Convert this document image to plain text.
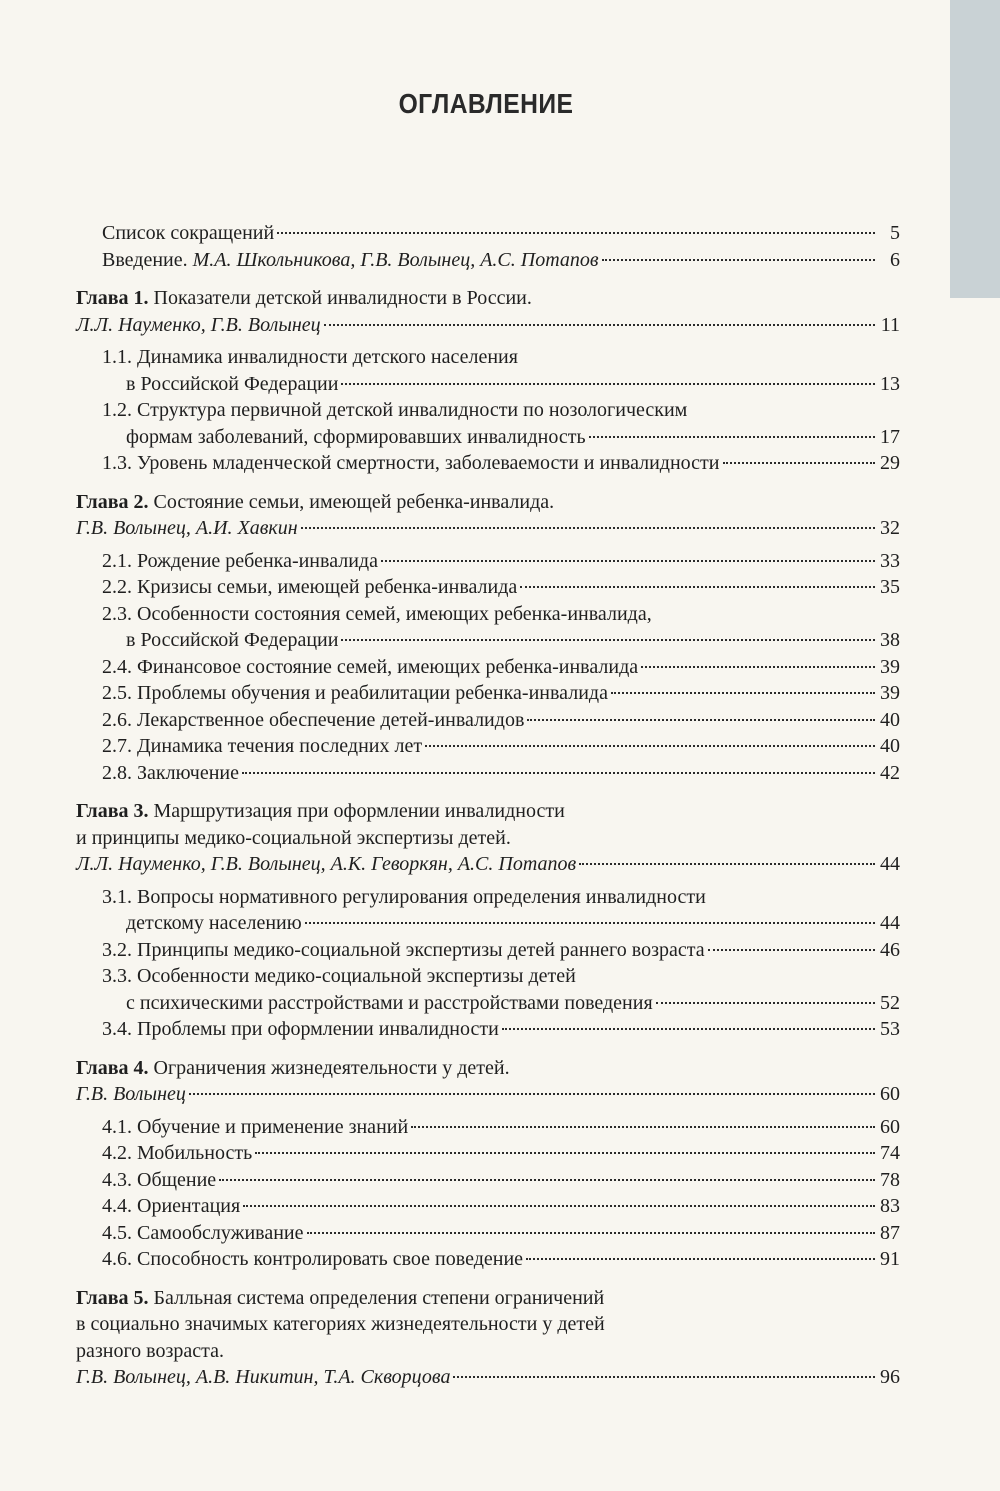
ОГЛАВЛЕНИЕ
Список сокращений	5
Введение. М.А. Школьникова, Г.В. Волынец, А.С. Потапов	6
Глава 1. Показатели детской инвалидности в России.
Л.Л. Науменко, Г.В. Волынец	11
1.1. Динамика инвалидности детского населения
в Российской Федерации	13
1.2. Структура первичной детской инвалидности по нозологическим
формам заболеваний, сформировавших инвалидность	17
1.3. Уровень младенческой смертности, заболеваемости и инвалидности	29
Глава 2. Состояние семьи, имеющей ребенка-инвалида.
Г.В. Волынец, А.И. Хавкин	32
2.1. Рождение ребенка-инвалида	33
2.2. Кризисы семьи, имеющей ребенка-инвалида	35
2.3. Особенности состояния семей, имеющих ребенка-инвалида,
в Российской Федерации	38
2.4. Финансовое состояние семей, имеющих ребенка-инвалида	39
2.5. Проблемы обучения и реабилитации ребенка-инвалида	39
2.6. Лекарственное обеспечение детей-инвалидов	40
2.7. Динамика течения последних лет	40
2.8. Заключение	42
Глава 3. Маршрутизация при оформлении инвалидности
и принципы медико-социальной экспертизы детей.
Л.Л. Науменко, Г.В. Волынец, А.К. Геворкян, А.С. Потапов	44
3.1. Вопросы нормативного регулирования определения инвалидности
детскому населению	44
3.2. Принципы медико-социальной экспертизы детей раннего возраста	46
3.3. Особенности медико-социальной экспертизы детей
с психическими расстройствами и расстройствами поведения	52
3.4. Проблемы при оформлении инвалидности	53
Глава 4. Ограничения жизнедеятельности у детей.
Г.В. Волынец	60
4.1. Обучение и применение знаний	60
4.2. Мобильность	74
4.3. Общение	78
4.4. Ориентация	83
4.5. Самообслуживание	87
4.6. Способность контролировать свое поведение	91
Глава 5. Балльная система определения степени ограничений
в социально значимых категориях жизнедеятельности у детей
разного возраста.
Г.В. Волынец, А.В. Никитин, Т.А. Скворцова	96
